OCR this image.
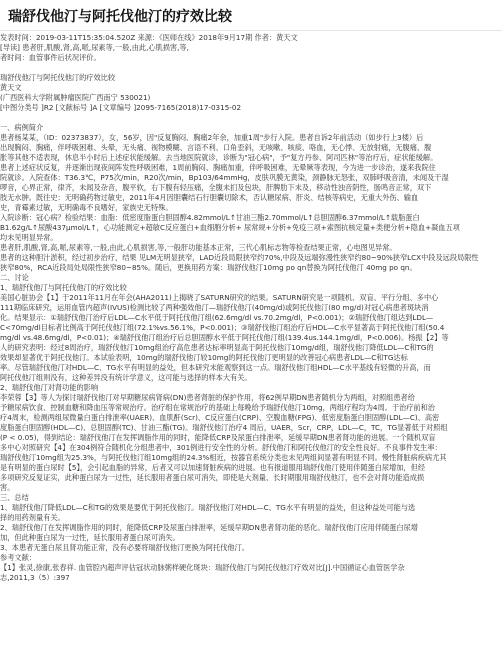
瑞舒伐他汀与阿托伐他汀的疗效比较
发表时间：2019-03-11T15:35:04.520Z 来源：《医师在线》2018年9月17期 作者：黄天文
[导读] 患者肝,肌酸,肾,高,哌,尿素等,一般,由此,心肌损害,等,
者时间：血管事件后状况评价。
瑞舒伐他汀与阿托伐他汀的疗效比较
黄天文
(广西医科大学附属肿瘤医院广西南宁 530021)
[中图分类号 ]R2 [文献标号 ]A [文章编号 ]2095-7165(2018)17-0315-02
一、病例简介
患者杨某某，（ID：02373837），女，56岁，因"反复胸闷、胸痛2年余，加重1周"步行入院。患者自诉2年前活动（如步行上3楼）后
出现胸闷、胸痛，伴呼吸困难、头晕，无头痛、视物模糊、言语不利、口角歪斜，无咳嗽、咳痰、咯血，无心悸、无放射痛，无腹痛、腹
胀等其他不适表现，休息半小时后上述症状能缓解。去当地医院就诊，诊断为"冠心病"，予"复方丹参、阿司匹林"等治疗后，症状能缓解。
患者上述症状反复，并逐渐出现夜间阵发性呼吸困难，1周前胸闷、胸痛加重，伴呼吸困难，无晕厥等表现，今为进一步诊治，遂来我院住
院就诊。入院查体：T36.3℃，P75次/min，R20次/min，Bp103/64mmHg，皮肤巩膜无黄染，颈静脉无怒张，双肺呼吸音清，未闻及干湿
啰音，心界正常，律齐，未闻及杂音，腹平软，右下腹有轻压痛，全腹未扪及包块，肝脾肋下未及，移动性浊音阴性，肠鸣音正常，双下
肢无水肿。既往史：无明确药物过敏史，2011年4月因胆囊结石行胆囊切除术，否认糖尿病、肝炎、结核等病史，无重大外伤、输血
史，青霉素过敏，无明确毒不良嗜好，家族史无特殊。
入院诊断：冠心病？检验结果：血脂：低密度脂蛋白胆固醇4.82mmol/L↑甘油三酯2.70mmol/L↑总胆固醇6.37mmol/L↑载脂蛋白
B1.62g/L↑尿酸437μmol/L↑，心功能测定+超敏C反应蛋白+血细胞分析+ 尿常规+分析+免疫三项+索图抗核定量+类便分析+隐血+凝血五项
均未见明显异常。
患者肝,肌酸,肾,高,哌,尿素等,一般,由此,心肌损害,等,一般肝功能基本正常，三代心肌标志物等检查结果正常，心电图见异常。
患者的这种胆汁淤积，经过初步治疗，结果 见LM无明显狭窄，LAD近段局限狭窄约70%,中段及远端弥漫性狭窄约80~90%狭窄LCX中段及远段局限性
狭窄80%，RCA近段局处局限性狭窄80~85%。随后，更换用药方案：瑞舒伐他汀10mg po qn替换为阿托伐他汀 40mg po qn。
二、讨论
1、瑞舒伐他汀与阿托伐他汀的疗效比较
美国心脏协会【1】于2011年11月在年会(AHA2011)上揭晓了SATURN研究的结果。SATURN研究是一项随机、双盲、平行分组、多中心
111期临床研究，运用血管内超声(IVUS)检测比较了两种强效他汀—瑞舒伐他汀(40mg/d)或阿托伐他汀(80 mg/d)对冠心病患者斑块消
化。结果显示：①瑞舒伐他汀治疗后LDL—C水平低于阿托伐他汀组(62.6mg/dl vs.70.2mg/dl，P<0.001)；②瑞舒伐他汀组达到LDL—
C<70mg/dl目标者比例高于阿托伐他汀组(72.1%vs.56.1%，P<0.001)；③瑞舒伐他汀组治疗后HDL—C水平显著高于阿托伐他汀组(50.4
mg/dl vs.48.6mg/dl，P<0.01)；④瑞舒伐他汀组治疗后总胆固醇水平低于阿托伐他汀组(139.4us.144.1mg/dl，P<0.006)。杨振【2】等
人的研究表明：经过8周治疗，瑞舒伐他汀10mg组治疗高危患者达标率明显高于阿托伐他汀10mg/d组，瑞舒伐他汀降低LDL—C和TG的
效果却显著优于阿托伐他汀。本试验表明，10mg的瑞舒伐他汀较10mg的阿托伐他汀更明显的改善冠心病患者LDL—C和TG达标
率。尽管瑞舒伐他汀对HDL—C、TG水平有明显的益处，但本研究未能观察到这一点。瑞舒伐他汀组HDL—C水平基线有轻微的升高，而
阿托伐他汀组则没有，这种差异没有统计学意义，这可能与选择的样本大有关。
2、瑞舒伐他汀对肾功能的影响
李荣蓉【3】等人为探讨瑞舒伐他汀对早期糖尿病肾病(DN)患者肾脏的保护作用，将62例早期DN患者随机分为两组，对照组患者给
予糖尿病饮食、控制血糖和降血压等常规治疗。治疗组在常规治疗的基础上每晚给予瑞舒伐他汀10mg，两组疗程均为4周。于治疗前和治
疗4周末，检测两组尿微量白蛋白排泄率(UAER)、血肌酐(Scr)、C反应蛋白(CRP)、空腹血糖(FPG)、低密度脂蛋白胆固醇(LDL—C)、高密
度脂蛋白胆固醇(HDL—C)、总胆固醇(TC)、甘油三酯(TG)。瑞舒伐他汀治疗4 周后，UAER，Scr，CRP，LDL—C，TC，TG显著低于对照组
(P < 0.05)，得到结论：瑞舒伐他汀在发挥调脂作用的同时，能降低CRP及尿蛋白排泄率，延缓早期DN患者肾功能的进展。一个随机双盲
多中心对照研究【4】在304例符合随机化分组患者中，301例进行安全性的分析。舒伐他汀和阿托伐他汀的安全性良好。不良事件发生率：
瑞舒伐他汀10mg组为25.3%，与阿托伐他汀组10mg组的24.3%相近，按器官系统分类也未见两组间显著有明显不同。慢性肾脏病疾病尤其
是有明显的蛋白尿时【5】，会引起血脂的异常，后者又可以加速肾脏疾病的进展。也有报道服用瑞舒伐他汀使用伴随蛋白尿增加，但经
多项研究反复证实，此种蛋白尿为一过性，延长服用者蛋白尿可消失，即使是大剂量、长时期服用瑞舒伐他汀，也不会对肾功能造成损
害。
三、总结
1、瑞舒伐他汀降低LDL—C和TG的效果是要优于阿托伐他汀。瑞舒伐他汀对HDL—C、TG水平有明显的益处，但这种益处可能与选
择的用药剂量有关。
2、瑞舒伐他汀在发挥调脂作用的同时，能降低CRP及尿蛋白排泄率，延缓早期DN患者肾功能的恶化。瑞舒伐他汀应用伴随蛋白尿增
加，但此种蛋白尿为一过性，延长服用者蛋白尿可消失。
3、本患者无蛋白尿且肾功能正常，没有必要将瑞舒伐他汀更换为阿托伐他汀。
参考文献：
【1】张灵,徐康,张春祥. 血管腔内超声评估冠状动脉粥样硬化斑块：瑞舒伐他汀与阿托伐他汀疗效对比[J].中国循证心血管医学杂
志,2011,3（5）:397
